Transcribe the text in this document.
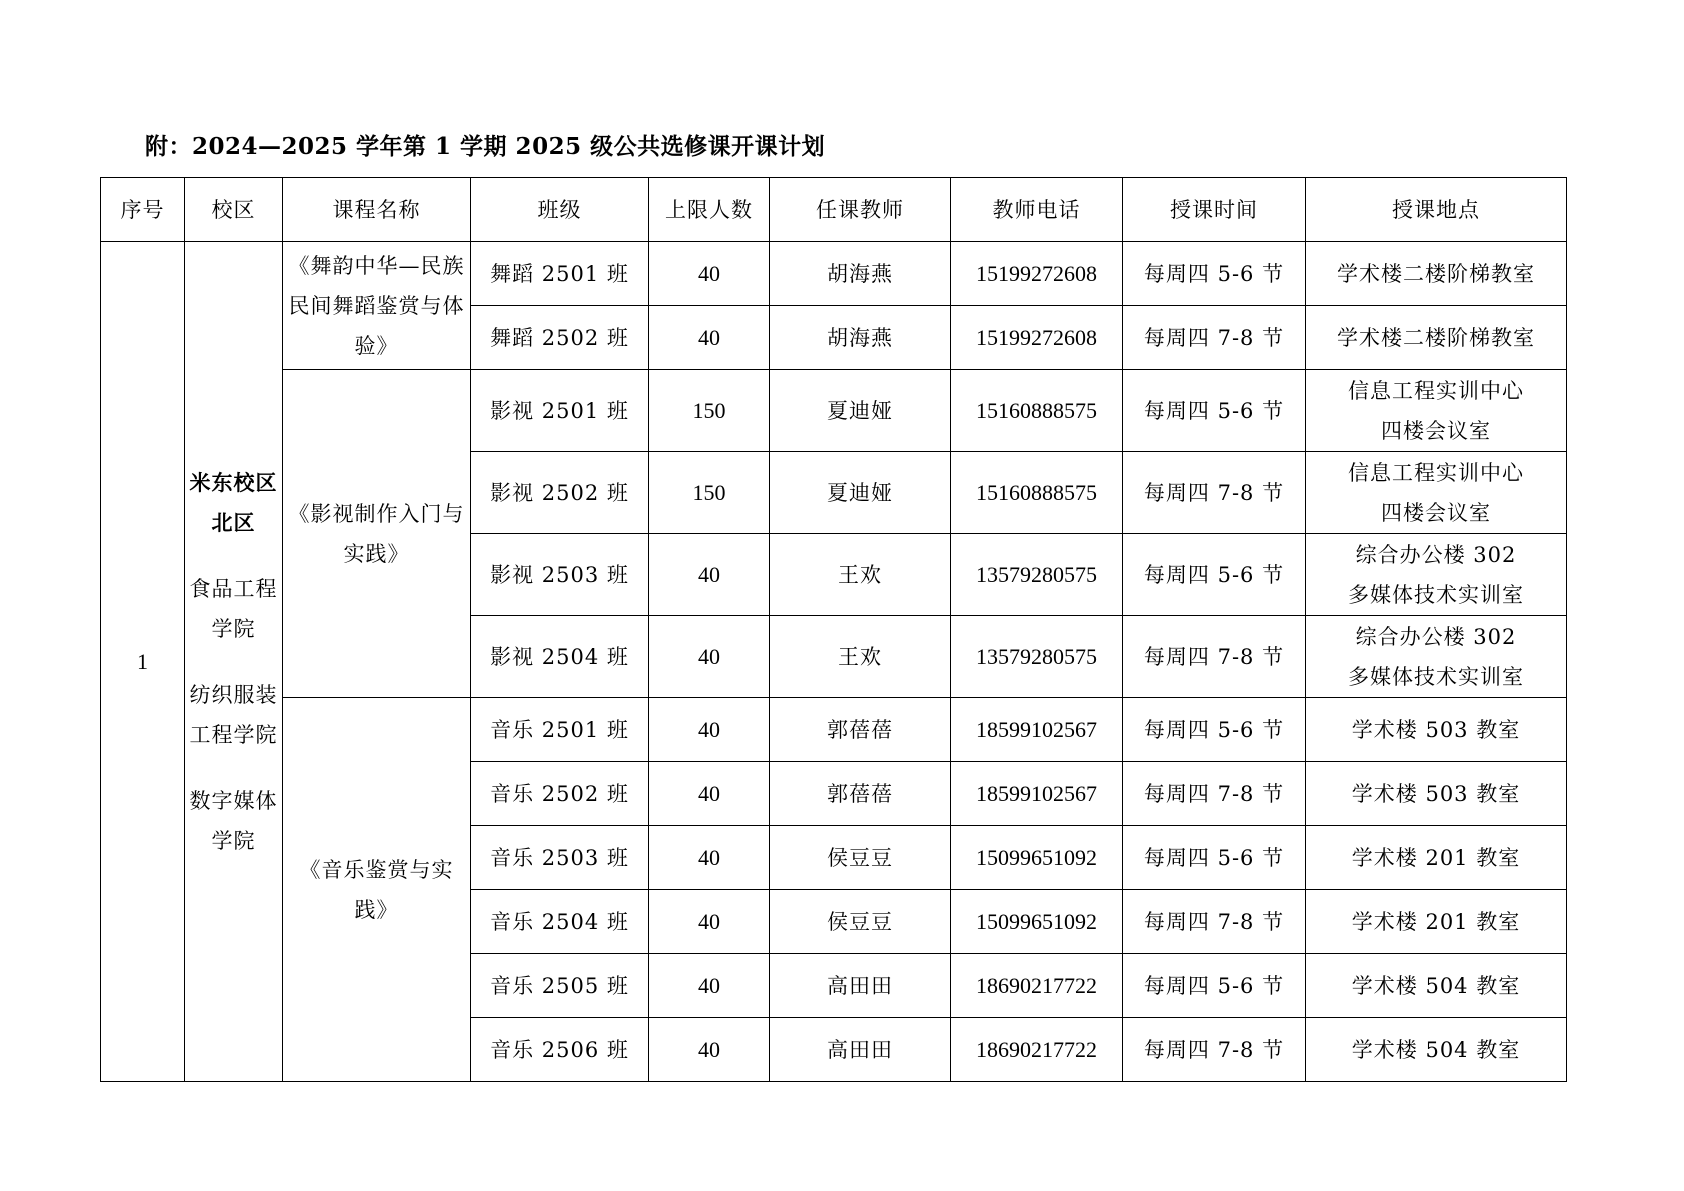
附：2024—2025 学年第 1 学期 2025 级公共选修课开课计划
序号	校区	课程名称	班级	上限人数	任课教师	教师电话	授课时间	授课地点
1	米东校区北区
食品工程学院
纺织服装工程学院
数字媒体学院	《舞韵中华—民族民间舞蹈鉴赏与体验》	舞蹈 2501 班	40	胡海燕	15199272608	每周四 5-6 节	学术楼二楼阶梯教室
			舞蹈 2502 班	40	胡海燕	15199272608	每周四 7-8 节	学术楼二楼阶梯教室
		《影视制作入门与实践》	影视 2501 班	150	夏迪娅	15160888575	每周四 5-6 节	信息工程实训中心
四楼会议室

			影视 2502 班	150	夏迪娅	15160888575	每周四 7-8 节	信息工程实训中心
四楼会议室

			影视 2503 班	40	王欢	13579280575	每周四 5-6 节	综合办公楼 302
多媒体技术实训室

			影视 2504 班	40	王欢	13579280575	每周四 7-8 节	综合办公楼 302
多媒体技术实训室

		《音乐鉴赏与实践》	音乐 2501 班	40	郭蓓蓓	18599102567	每周四 5-6 节	学术楼 503 教室
			音乐 2502 班	40	郭蓓蓓	18599102567	每周四 7-8 节	学术楼 503 教室
			音乐 2503 班	40	侯豆豆	15099651092	每周四 5-6 节	学术楼 201 教室
			音乐 2504 班	40	侯豆豆	15099651092	每周四 7-8 节	学术楼 201 教室
			音乐 2505 班	40	高田田	18690217722	每周四 5-6 节	学术楼 504 教室
			音乐 2506 班	40	高田田	18690217722	每周四 7-8 节	学术楼 504 教室
